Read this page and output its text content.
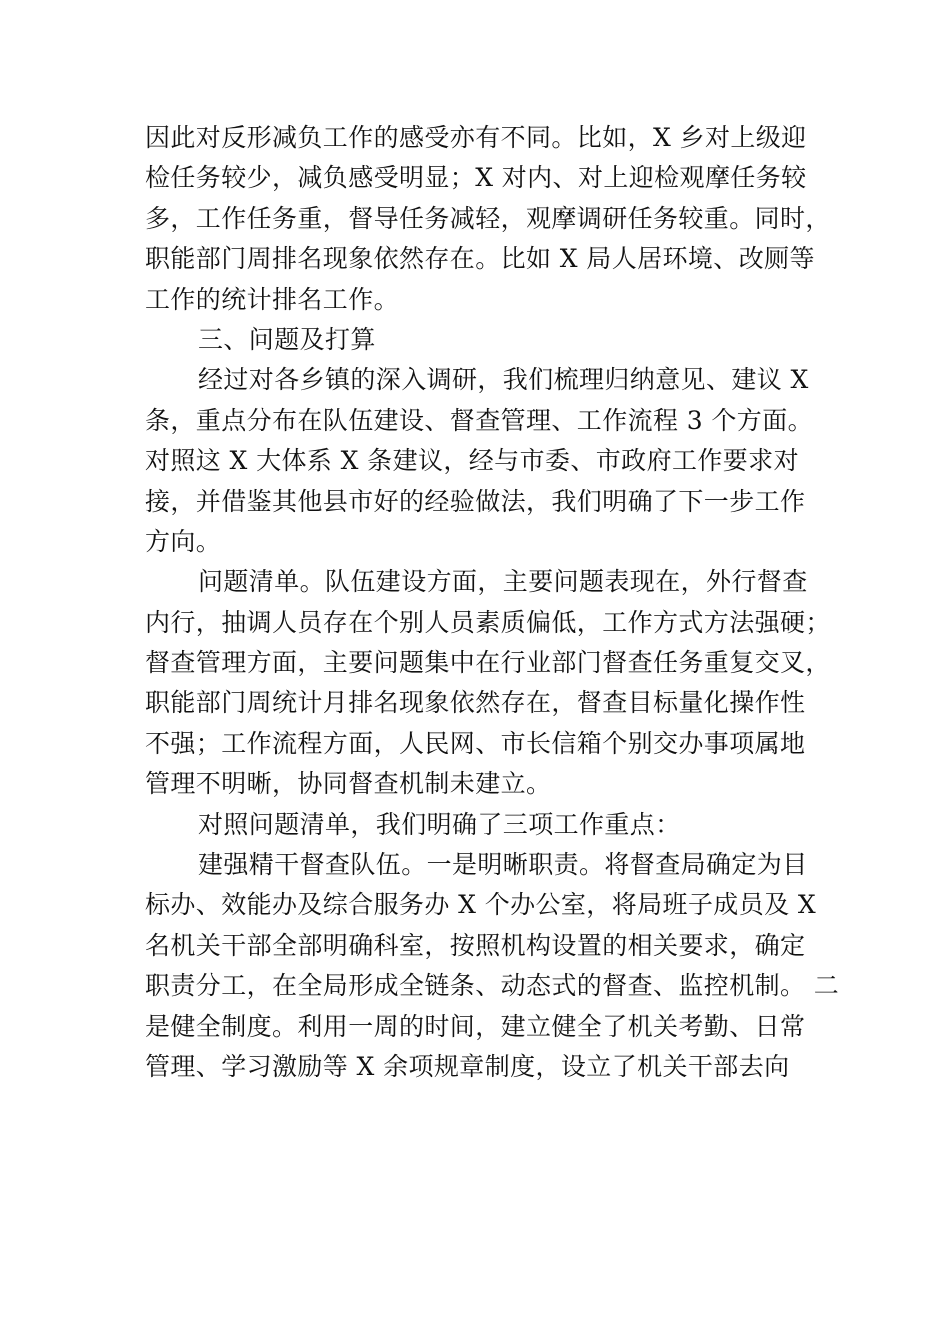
因此对反形减负工作的感受亦有不同。比如，X 乡对上级迎
检任务较少，减负感受明显；X 对内、对上迎检观摩任务较
多，工作任务重，督导任务减轻，观摩调研任务较重。同时，
职能部门周排名现象依然存在。比如 X 局人居环境、改厕等
工作的统计排名工作。
三、问题及打算
经过对各乡镇的深入调研，我们梳理归纳意见、建议 X
条，重点分布在队伍建设、督查管理、工作流程 3 个方面。
对照这 X 大体系 X 条建议，经与市委、市政府工作要求对
接，并借鉴其他县市好的经验做法，我们明确了下一步工作
方向。
问题清单。队伍建设方面，主要问题表现在，外行督查
内行，抽调人员存在个别人员素质偏低，工作方式方法强硬；
督查管理方面，主要问题集中在行业部门督查任务重复交叉，
职能部门周统计月排名现象依然存在，督查目标量化操作性
不强；工作流程方面，人民网、市长信箱个别交办事项属地
管理不明晰，协同督查机制未建立。
对照问题清单，我们明确了三项工作重点：
建强精干督查队伍。一是明晰职责。将督查局确定为目
标办、效能办及综合服务办 X 个办公室，将局班子成员及 X
名机关干部全部明确科室，按照机构设置的相关要求，确定
职责分工，在全局形成全链条、动态式的督查、监控机制。 二
是健全制度。利用一周的时间，建立健全了机关考勤、日常
管理、学习激励等 X 余项规章制度，设立了机关干部去向
